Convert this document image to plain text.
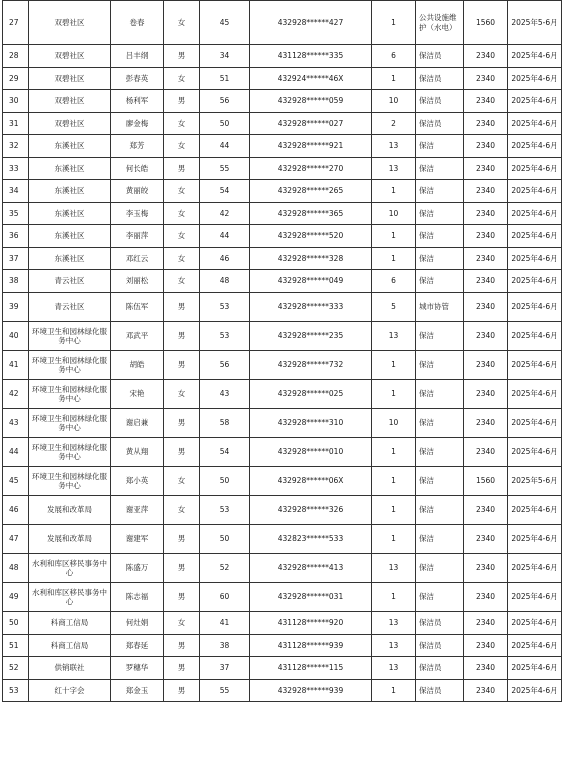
27	双碧社区	卷春	女	45	432928******427	1	公共设施维护（水电）	1560	2025年5-6月
28	双碧社区	吕丰纲	男	34	431128******335	6	保洁员	2340	2025年4-6月
29	双碧社区	彭春英	女	51	432924******46X	1	保洁员	2340	2025年4-6月
30	双碧社区	杨利军	男	56	432928******059	10	保洁员	2340	2025年4-6月
31	双碧社区	廖金梅	女	50	432928******027	2	保洁员	2340	2025年4-6月
32	东溪社区	郑芳	女	44	432928******921	13	保洁	2340	2025年4-6月
33	东溪社区	何长皓	男	55	432928******270	13	保洁	2340	2025年4-6月
34	东溪社区	黄丽皎	女	54	432928******265	1	保洁	2340	2025年4-6月
35	东溪社区	李玉梅	女	42	432928******365	10	保洁	2340	2025年4-6月
36	东溪社区	李丽萍	女	44	432928******520	1	保洁	2340	2025年4-6月
37	东溪社区	邓红云	女	46	432928******328	1	保洁	2340	2025年4-6月
38	青云社区	刘丽松	女	48	432928******049	6	保洁	2340	2025年4-6月
39	青云社区	陈伍军	男	53	432928******333	5	城市协管	2340	2025年4-6月
40	环境卫生和园林绿化服务中心	邓武平	男	53	432928******235	13	保洁	2340	2025年4-6月
41	环境卫生和园林绿化服务中心	胡皓	男	56	432928******732	1	保洁	2340	2025年4-6月
42	环境卫生和园林绿化服务中心	宋艳	女	43	432928******025	1	保洁	2340	2025年4-6月
43	环境卫生和园林绿化服务中心	谢启兼	男	58	432928******310	10	保洁	2340	2025年4-6月
44	环境卫生和园林绿化服务中心	黄从翔	男	54	432928******010	1	保洁	2340	2025年4-6月
45	环境卫生和园林绿化服务中心	郑小英	女	50	432928******06X	1	保洁	1560	2025年5-6月
46	发展和改革局	谢亚萍	女	53	432928******326	1	保洁	2340	2025年4-6月
47	发展和改革局	谢建军	男	50	432823******533	1	保洁	2340	2025年4-6月
48	水利和库区移民事务中心	陈盛万	男	52	432928******413	13	保洁	2340	2025年4-6月
49	水利和库区移民事务中心	陈志福	男	60	432928******031	1	保洁	2340	2025年4-6月
50	科商工信局	何灶娟	女	41	431128******920	13	保洁员	2340	2025年4-6月
51	科商工信局	郑春延	男	38	431128******939	13	保洁员	2340	2025年4-6月
52	供销联社	罗穗华	男	37	431128******115	13	保洁员	2340	2025年4-6月
53	红十字会	郑金玉	男	55	432928******939	1	保洁员	2340	2025年4-6月
